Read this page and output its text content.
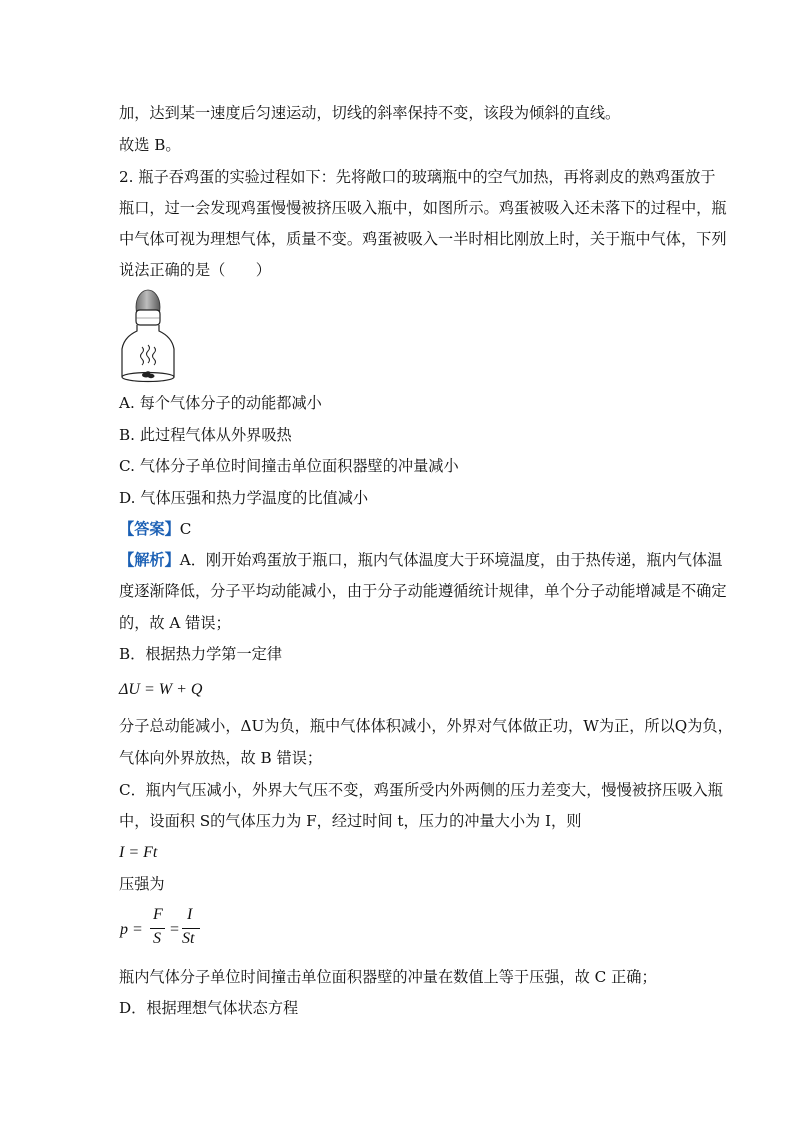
加，达到某一速度后匀速运动，切线的斜率保持不变，该段为倾斜的直线。
故选 B。
2. 瓶子吞鸡蛋的实验过程如下：先将敞口的玻璃瓶中的空气加热，再将剥皮的熟鸡蛋放于
瓶口，过一会发现鸡蛋慢慢被挤压吸入瓶中，如图所示。鸡蛋被吸入还未落下的过程中，瓶
中气体可视为理想气体，质量不变。鸡蛋被吸入一半时相比刚放上时，关于瓶中气体，下列
说法正确的是（　　）
A. 每个气体分子的动能都减小
B. 此过程气体从外界吸热
C. 气体分子单位时间撞击单位面积器壁的冲量减小
D. 气体压强和热力学温度的比值减小
【答案】C
【解析】A．刚开始鸡蛋放于瓶口，瓶内气体温度大于环境温度，由于热传递，瓶内气体温
度逐渐降低，分子平均动能减小，由于分子动能遵循统计规律，单个分子动能增减是不确定
的，故 A 错误；
B．根据热力学第一定律
ΔU = W + Q
分子总动能减小，ΔU为负，瓶中气体体积减小，外界对气体做正功，W为正，所以Q为负，
气体向外界放热，故 B 错误；
C．瓶内气压减小，外界大气压不变，鸡蛋所受内外两侧的压力差变大，慢慢被挤压吸入瓶
中，设面积 S的气体压力为 F，经过时间 t，压力的冲量大小为 I，则
I = Ft
压强为
p =
F
S
=
I
St
瓶内气体分子单位时间撞击单位面积器壁的冲量在数值上等于压强，故 C 正确；
D．根据理想气体状态方程
